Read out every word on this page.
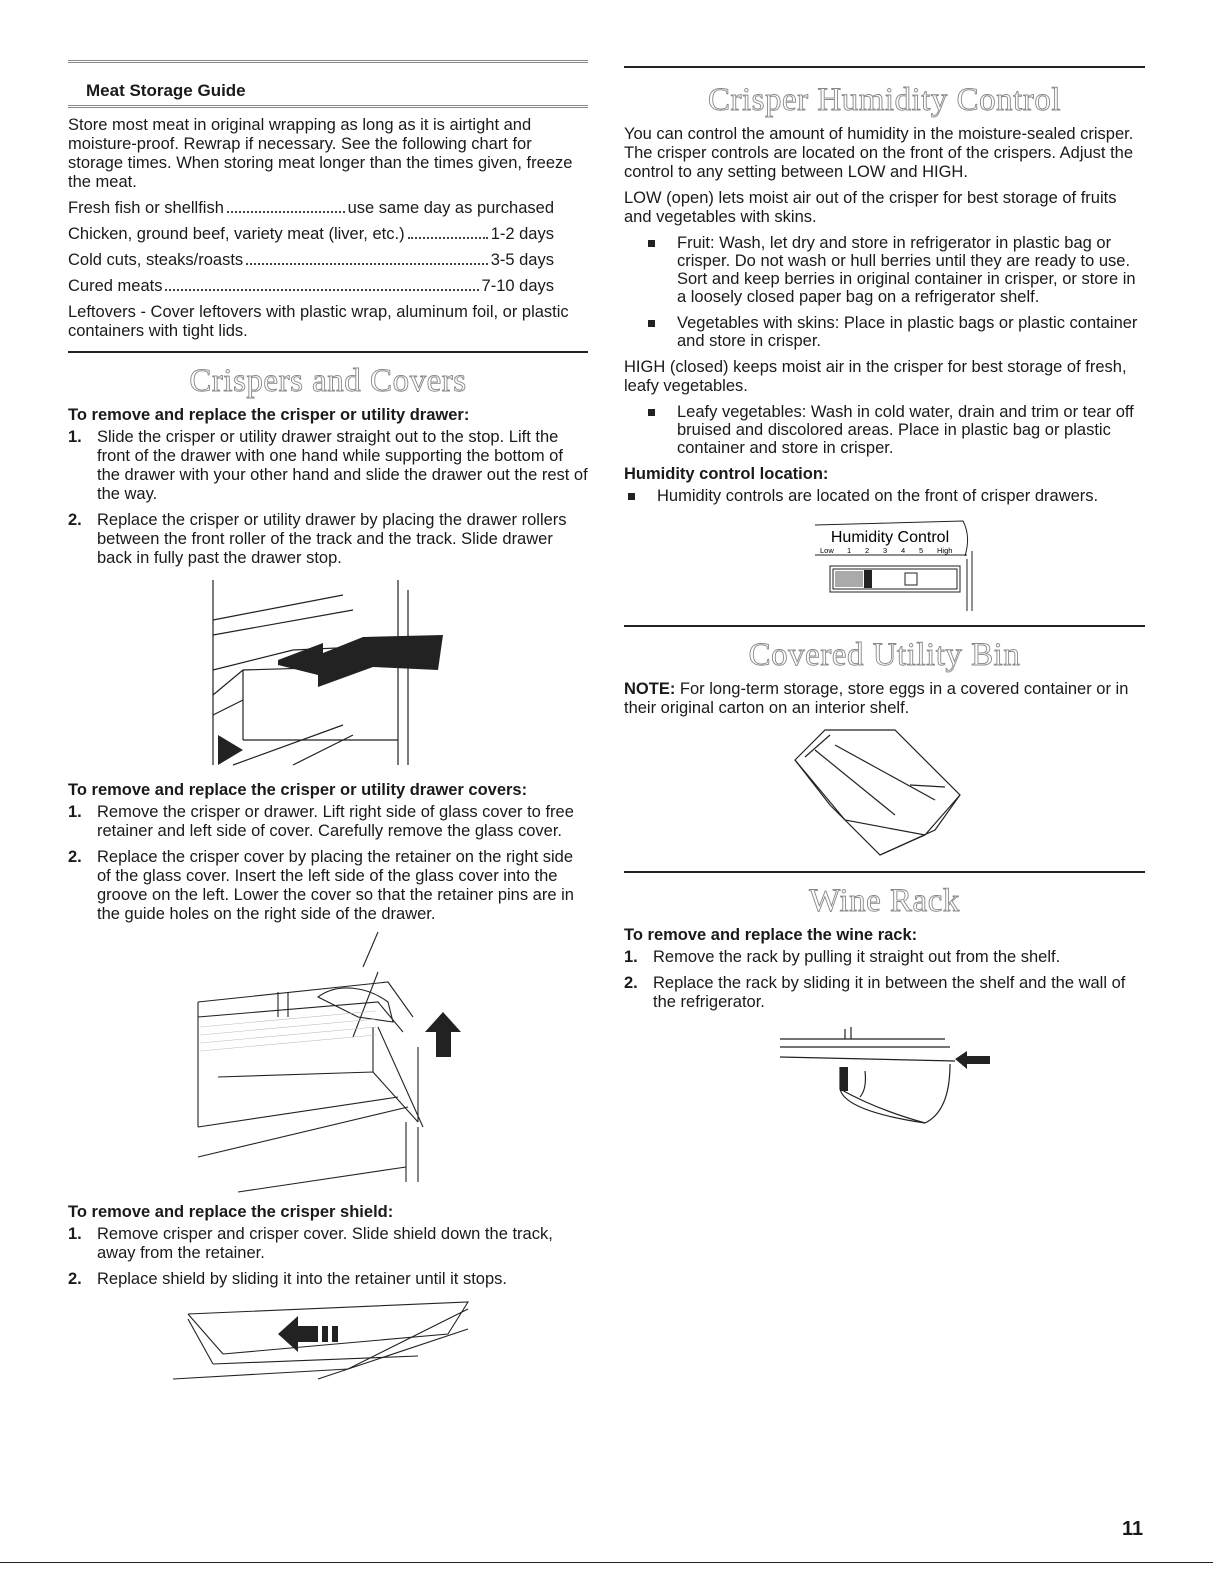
Meat Storage Guide

Store most meat in original wrapping as long as it is airtight and moisture-proof. Rewrap if necessary. See the following chart for storage times. When storing meat longer than the times given, freeze the meat.

Fresh fish or shellfish	use same day as purchased
Chicken, ground beef, variety meat (liver, etc.)	1-2 days
Cold cuts, steaks/roasts	3-5 days
Cured meats	7-10 days

Leftovers - Cover leftovers with plastic wrap, aluminum foil, or plastic containers with tight lids.

Crispers and Covers
To remove and replace the crisper or utility drawer:
1. Slide the crisper or utility drawer straight out to the stop. Lift the front of the drawer with one hand while supporting the bottom of the drawer with your other hand and slide the drawer out the rest of the way.
2. Replace the crisper or utility drawer by placing the drawer rollers between the front roller of the track and the track. Slide drawer back in fully past the drawer stop.
To remove and replace the crisper or utility drawer covers:
1. Remove the crisper or drawer. Lift right side of glass cover to free retainer and left side of cover. Carefully remove the glass cover.
2. Replace the crisper cover by placing the retainer on the right side of the glass cover. Insert the left side of the glass cover into the groove on the left. Lower the cover so that the retainer pins are in the guide holes on the right side of the drawer.
To remove and replace the crisper shield:
1. Remove crisper and crisper cover. Slide shield down the track, away from the retainer.
2. Replace shield by sliding it into the retainer until it stops.
Crisper Humidity Control

You can control the amount of humidity in the moisture-sealed crisper. The crisper controls are located on the front of the crispers. Adjust the control to any setting between LOW and HIGH.

LOW (open) lets moist air out of the crisper for best storage of fruits and vegetables with skins.

Fruit: Wash, let dry and store in refrigerator in plastic bag or crisper. Do not wash or hull berries until they are ready to use. Sort and keep berries in original container in crisper, or store in a loosely closed paper bag on a refrigerator shelf.
Vegetables with skins: Place in plastic bags or plastic container and store in crisper.

HIGH (closed) keeps moist air in the crisper for best storage of fresh, leafy vegetables.

Leafy vegetables: Wash in cold water, drain and trim or tear off bruised and discolored areas. Place in plastic bag or plastic container and store in crisper.
Humidity control location:
Humidity controls are located on the front of crisper drawers.
Humidity Control
Low 1 2 3 4 5 High
Covered Utility Bin

NOTE: For long-term storage, store eggs in a covered container or in their original carton on an interior shelf.

Wine Rack
To remove and replace the wine rack:
1. Remove the rack by pulling it straight out from the shelf.
2. Replace the rack by sliding it in between the shelf and the wall of the refrigerator.
11
